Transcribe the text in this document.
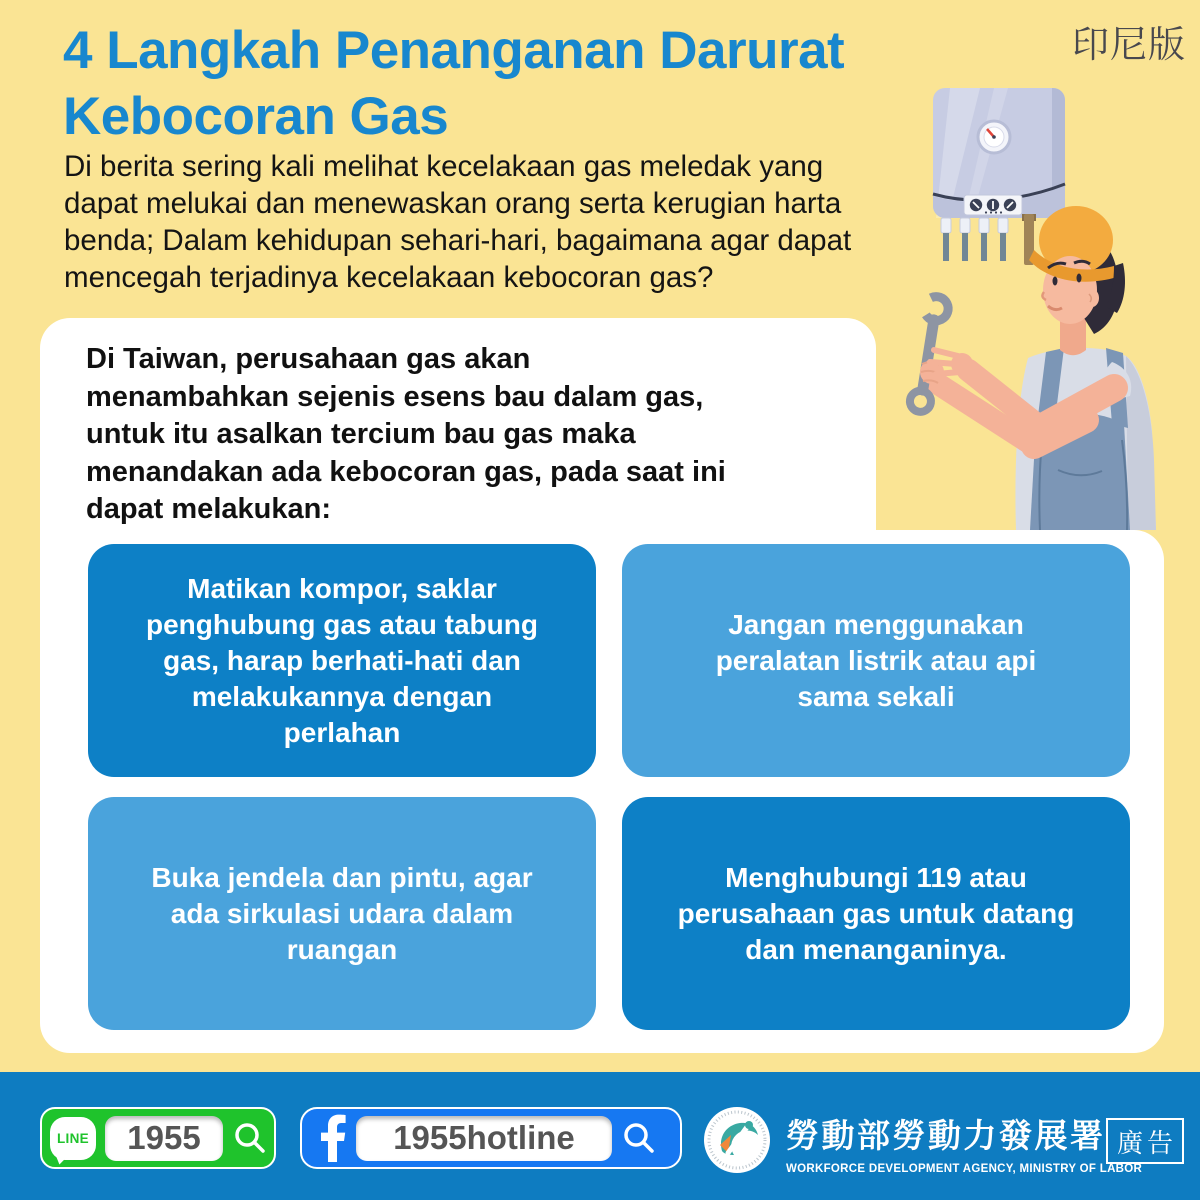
4 Langkah Penanganan Darurat
Kebocoran Gas
印尼版
Di berita sering kali melihat kecelakaan gas meledak yang
dapat melukai dan menewaskan orang serta kerugian harta
benda; Dalam kehidupan sehari-hari, bagaimana agar dapat
mencegah terjadinya kecelakaan kebocoran gas?
Di Taiwan, perusahaan gas akan
menambahkan sejenis esens bau dalam gas,
untuk itu asalkan tercium bau gas maka
menandakan ada kebocoran gas, pada saat ini
dapat melakukan:
Matikan kompor, saklar
penghubung gas atau tabung
gas, harap berhati-hati dan
melakukannya dengan
perlahan
Jangan menggunakan
peralatan listrik atau api
sama sekali
Buka jendela dan pintu, agar
ada sirkulasi udara dalam
ruangan
Menghubungi 119 atau
perusahaan gas untuk datang
dan menanganinya.
LINE	1955	1955hotline	勞動部勞動力發展署
WORKFORCE DEVELOPMENT AGENCY, MINISTRY OF LABOR
廣告
